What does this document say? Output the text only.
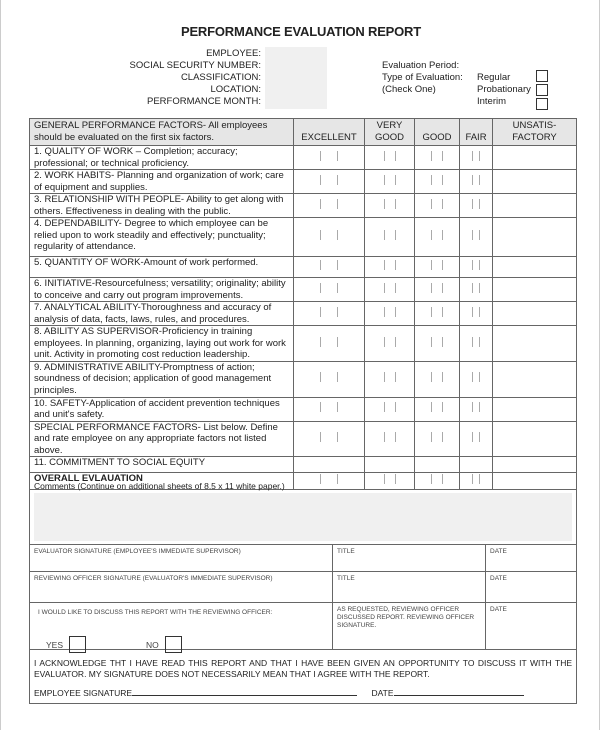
PERFORMANCE EVALUATION REPORT
EMPLOYEE:
SOCIAL SECURITY NUMBER:
CLASSIFICATION:
LOCATION:
PERFORMANCE MONTH:
Evaluation Period:
Type of Evaluation:
(Check One)
Regular
Probationary
Interim
GENERAL PERFORMANCE FACTORS- All employees should be evaluated on the first six factors.	EXCELLENT	VERY GOOD	GOOD	FAIR	UNSATIS-FACTORY
1. QUALITY OF WORK – Completion; accuracy; professional; or technical proficiency.					
2. WORK HABITS- Planning and organization of work; care of equipment and supplies.					
3. RELATIONSHIP WITH PEOPLE- Ability to get along with others. Effectiveness in dealing with the public.					
4. DEPENDABILITY- Degree to which employee can be relied upon to work steadily and effectively; punctuality; regularity of attendance.					
5. QUANTITY OF WORK-Amount of work performed.					
6. INITIATIVE-Resourcefulness; versatility; originality; ability to conceive and carry out program improvements.					
7. ANALYTICAL ABILITY-Thoroughness and accuracy of analysis of data, facts, laws, rules, and procedures.					
8. ABILITY AS SUPERVISOR-Proficiency in training employees. In planning, organizing, laying out work for work unit. Activity in promoting cost reduction leadership.					
9. ADMINISTRATIVE ABILITY-Promptness of action; soundness of decision; application of good management principles.					
10. SAFETY-Application of accident prevention techniques and unit's safety.					
SPECIAL PERFORMANCE FACTORS- List below. Define and rate employee on any appropriate factors not listed above.					
11. COMMITMENT TO SOCIAL EQUITY					
OVERALL EVLAUATION					
Comments (Continue on additional sheets of 8.5 x 11 white paper.)
EVALUATOR SIGNATURE (EMPLOYEE'S IMMEDIATE SUPERVISOR)	TITLE	DATE
REVIEWING OFFICER SIGNATURE (EVALUATOR'S IMMEDIATE SUPERVISOR)	TITLE	DATE
I WOULD LIKE TO DISCUSS THIS REPORT WITH THE REVIEWING OFFICER:
YES	NO
AS REQUESTED, REVIEWING OFFICER DISCUSSED REPORT. REVIEWING OFFICER SIGNATURE.
DATE
I ACKNOWLEDGE THT I HAVE READ THIS REPORT AND THAT I HAVE BEEN GIVEN AN OPPORTUNITY TO DISCUSS IT WITH THE EVALUATOR. MY SIGNATURE DOES NOT NECESSARILY MEAN THAT I AGREE WITH THE REPORT.
EMPLOYEE SIGNATURE	DATE
